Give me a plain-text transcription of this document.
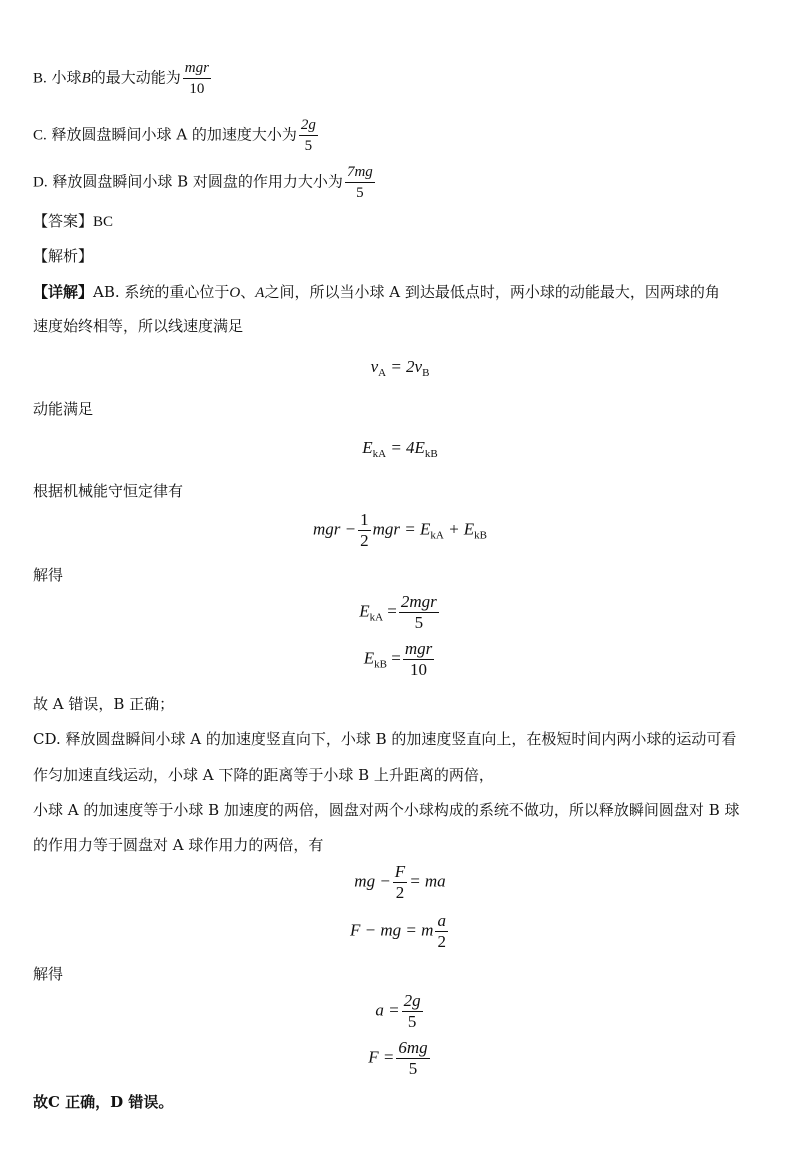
B. 小球B的最大动能为 $\frac{\text{mgr}}{10}$
C. 释放圆盘瞬间小球 A 的加速度大小为 $\frac{2g}{5}$
D. 释放圆盘瞬间小球 B 对圆盘的作用力大小为 $\frac{7mg}{5}$
【答案】BC
【解析】
【详解】AB. 系统的重心位于O、A之间，所以当小球 A 到达最低点时，两小球的动能最大，因两球的角
速度始终相等，所以线速度满足
$v_A = 2v_B$
动能满足
$E_{kA} = 4E_{kB}$
根据机械能守恒定律有
mgr − $\frac{1}{2}$ mgr = $E_{kA} + E_{kB}$
解得
$E_{kA} = \frac{\text{2mgr}}{5}$
$E_{kB} = \frac{\text{mgr}}{10}$
故 A 错误，B 正确；
CD. 释放圆盘瞬间小球 A 的加速度竖直向下，小球 B 的加速度竖直向上，在极短时间内两小球的运动可看
作匀加速直线运动，小球 A 下降的距离等于小球 B 上升距离的两倍，
小球 A 的加速度等于小球 B 加速度的两倍，圆盘对两个小球构成的系统不做功，所以释放瞬间圆盘对 B 球
的作用力等于圆盘对 A 球作用力的两倍，有
mg − $\frac{F}{2}$ = ma
F − mg = m $\frac{a}{2}$
解得
$a = \frac{2g}{5}$
$F = \frac{6mg}{5}$
故C 正确，D 错误。
